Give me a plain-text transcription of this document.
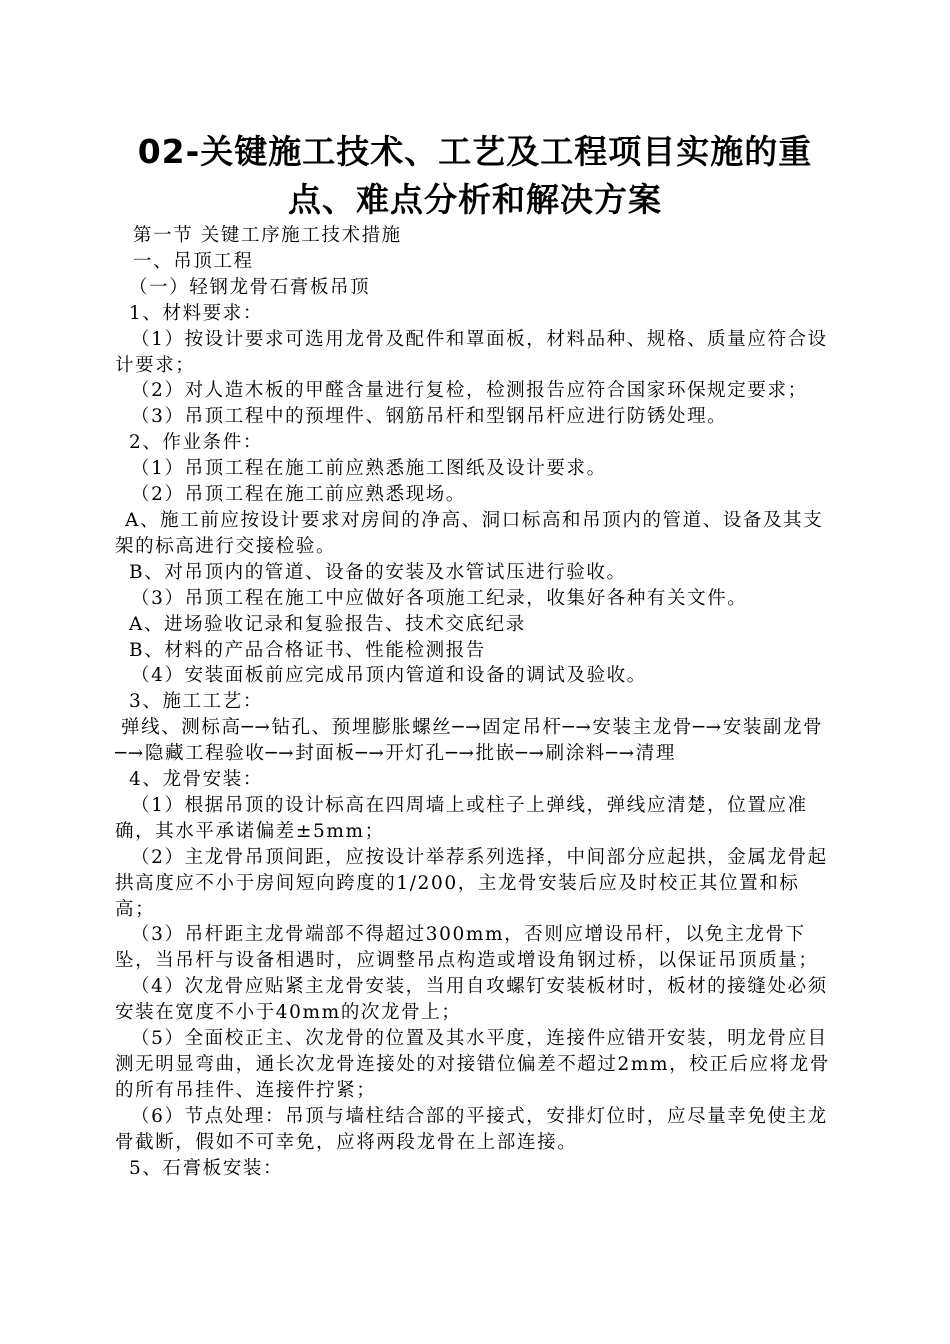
02-关键施工技术、工艺及工程项目实施的重
点、难点分析和解决方案

第一节 关键工序施工技术措施

一、吊顶工程

（一）轻钢龙骨石膏板吊顶

1、材料要求：

（1）按设计要求可选用龙骨及配件和罩面板，材料品种、规格、质量应符合设计要求；

（2）对人造木板的甲醛含量进行复检，检测报告应符合国家环保规定要求；

（3）吊顶工程中的预埋件、钢筋吊杆和型钢吊杆应进行防锈处理。

2、作业条件：

（1）吊顶工程在施工前应熟悉施工图纸及设计要求。

（2）吊顶工程在施工前应熟悉现场。

A、施工前应按设计要求对房间的净高、洞口标高和吊顶内的管道、设备及其支架的标高进行交接检验。

B、对吊顶内的管道、设备的安装及水管试压进行验收。

（3）吊顶工程在施工中应做好各项施工纪录，收集好各种有关文件。

A、进场验收记录和复验报告、技术交底纪录

B、材料的产品合格证书、性能检测报告

（4）安装面板前应完成吊顶内管道和设备的调试及验收。

3、施工工艺：

弹线、测标高─→钻孔、预埋膨胀螺丝─→固定吊杆─→安装主龙骨─→安装副龙骨─→隐藏工程验收─→封面板─→开灯孔─→批嵌─→刷涂料─→清理

4、龙骨安装：

（1）根据吊顶的设计标高在四周墙上或柱子上弹线，弹线应清楚，位置应准确，其水平承诺偏差±5mm；

（2）主龙骨吊顶间距，应按设计举荐系列选择，中间部分应起拱，金属龙骨起拱高度应不小于房间短向跨度的1/200，主龙骨安装后应及时校正其位置和标高；

（3）吊杆距主龙骨端部不得超过300mm，否则应增设吊杆，以免主龙骨下坠，当吊杆与设备相遇时，应调整吊点构造或增设角钢过桥，以保证吊顶质量；

（4）次龙骨应贴紧主龙骨安装，当用自攻螺钉安装板材时，板材的接缝处必须安装在宽度不小于40mm的次龙骨上；

（5）全面校正主、次龙骨的位置及其水平度，连接件应错开安装，明龙骨应目测无明显弯曲，通长次龙骨连接处的对接错位偏差不超过2mm，校正后应将龙骨的所有吊挂件、连接件拧紧；

（6）节点处理：吊顶与墙柱结合部的平接式，安排灯位时，应尽量幸免使主龙骨截断，假如不可幸免，应将两段龙骨在上部连接。

5、石膏板安装：
